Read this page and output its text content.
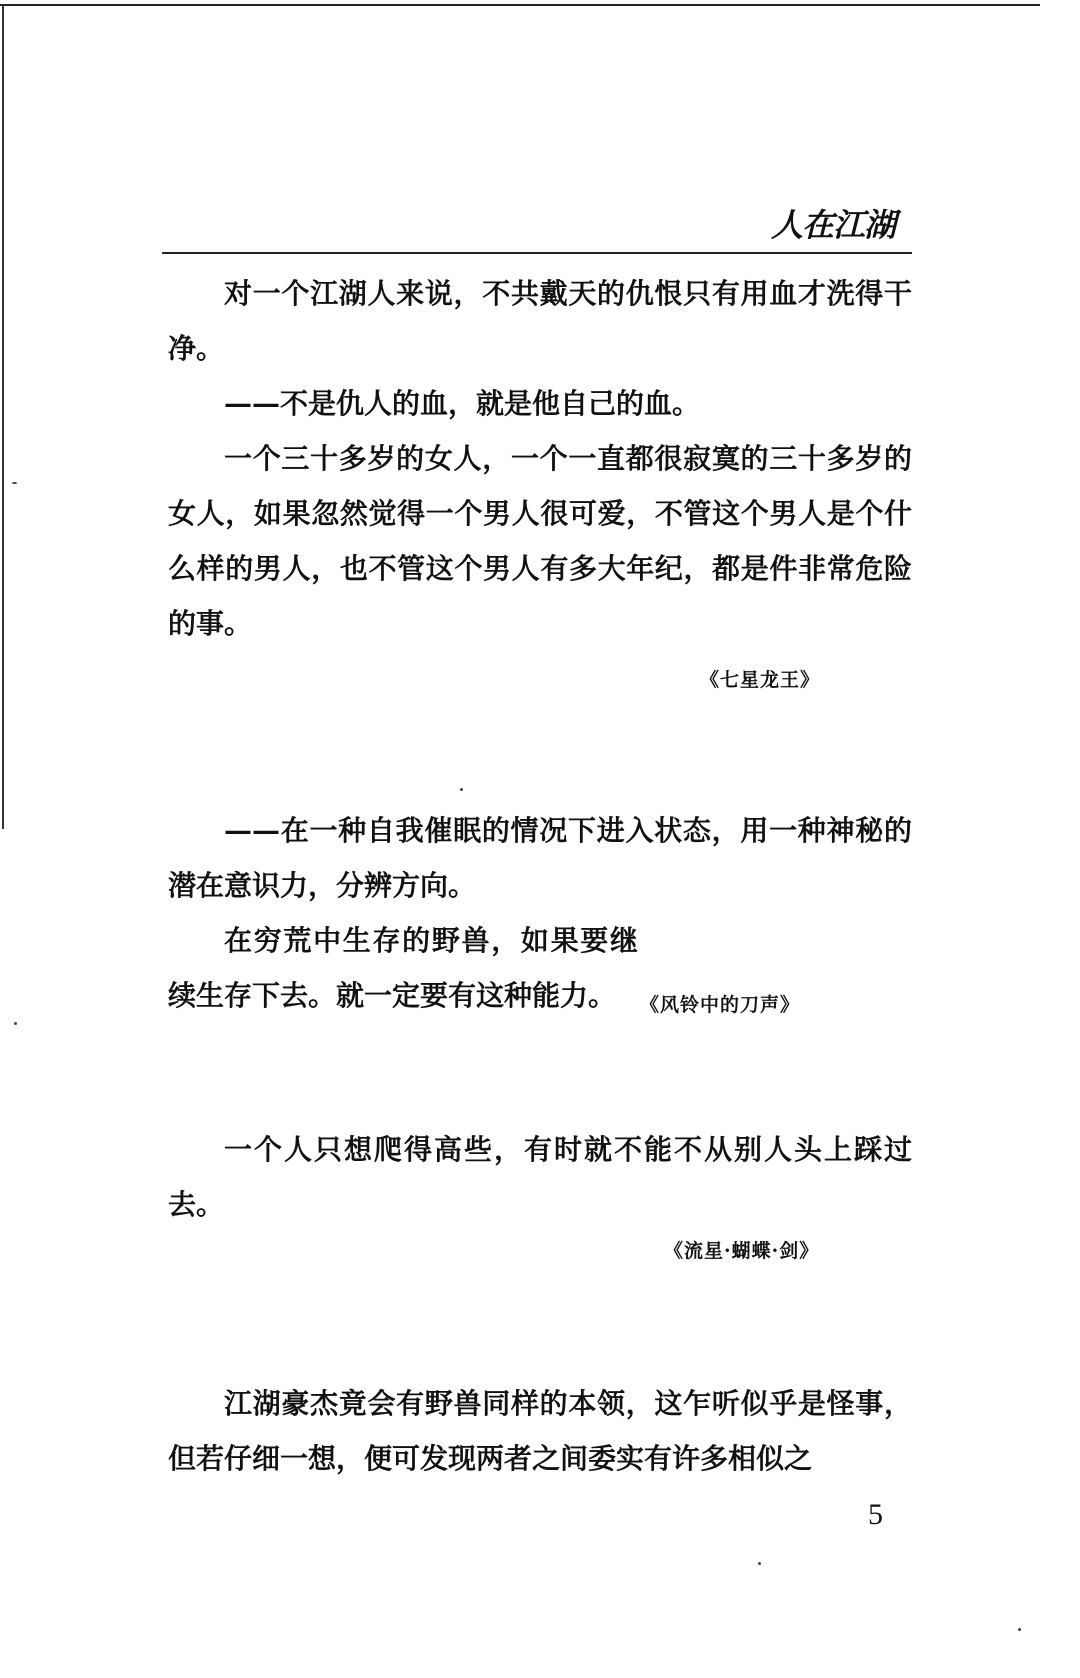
人在江湖

对一个江湖人来说，不共戴天的仇恨只有用血才洗得干净。

——不是仇人的血，就是他自己的血。

一个三十多岁的女人，一个一直都很寂寞的三十多岁的女人，如果忽然觉得一个男人很可爱，不管这个男人是个什么样的男人，也不管这个男人有多大年纪，都是件非常危险的事。

《七星龙王》

——在一种自我催眠的情况下进入状态，用一种神秘的潜在意识力，分辨方向。

在穷荒中生存的野兽，如果要继续生存下去。就一定要有这种能力。	《风铃中的刀声》

一个人只想爬得高些，有时就不能不从别人头上踩过去。

《流星·蝴蝶·剑》

江湖豪杰竟会有野兽同样的本领，这乍听似乎是怪事，但若仔细一想，便可发现两者之间委实有许多相似之

5
